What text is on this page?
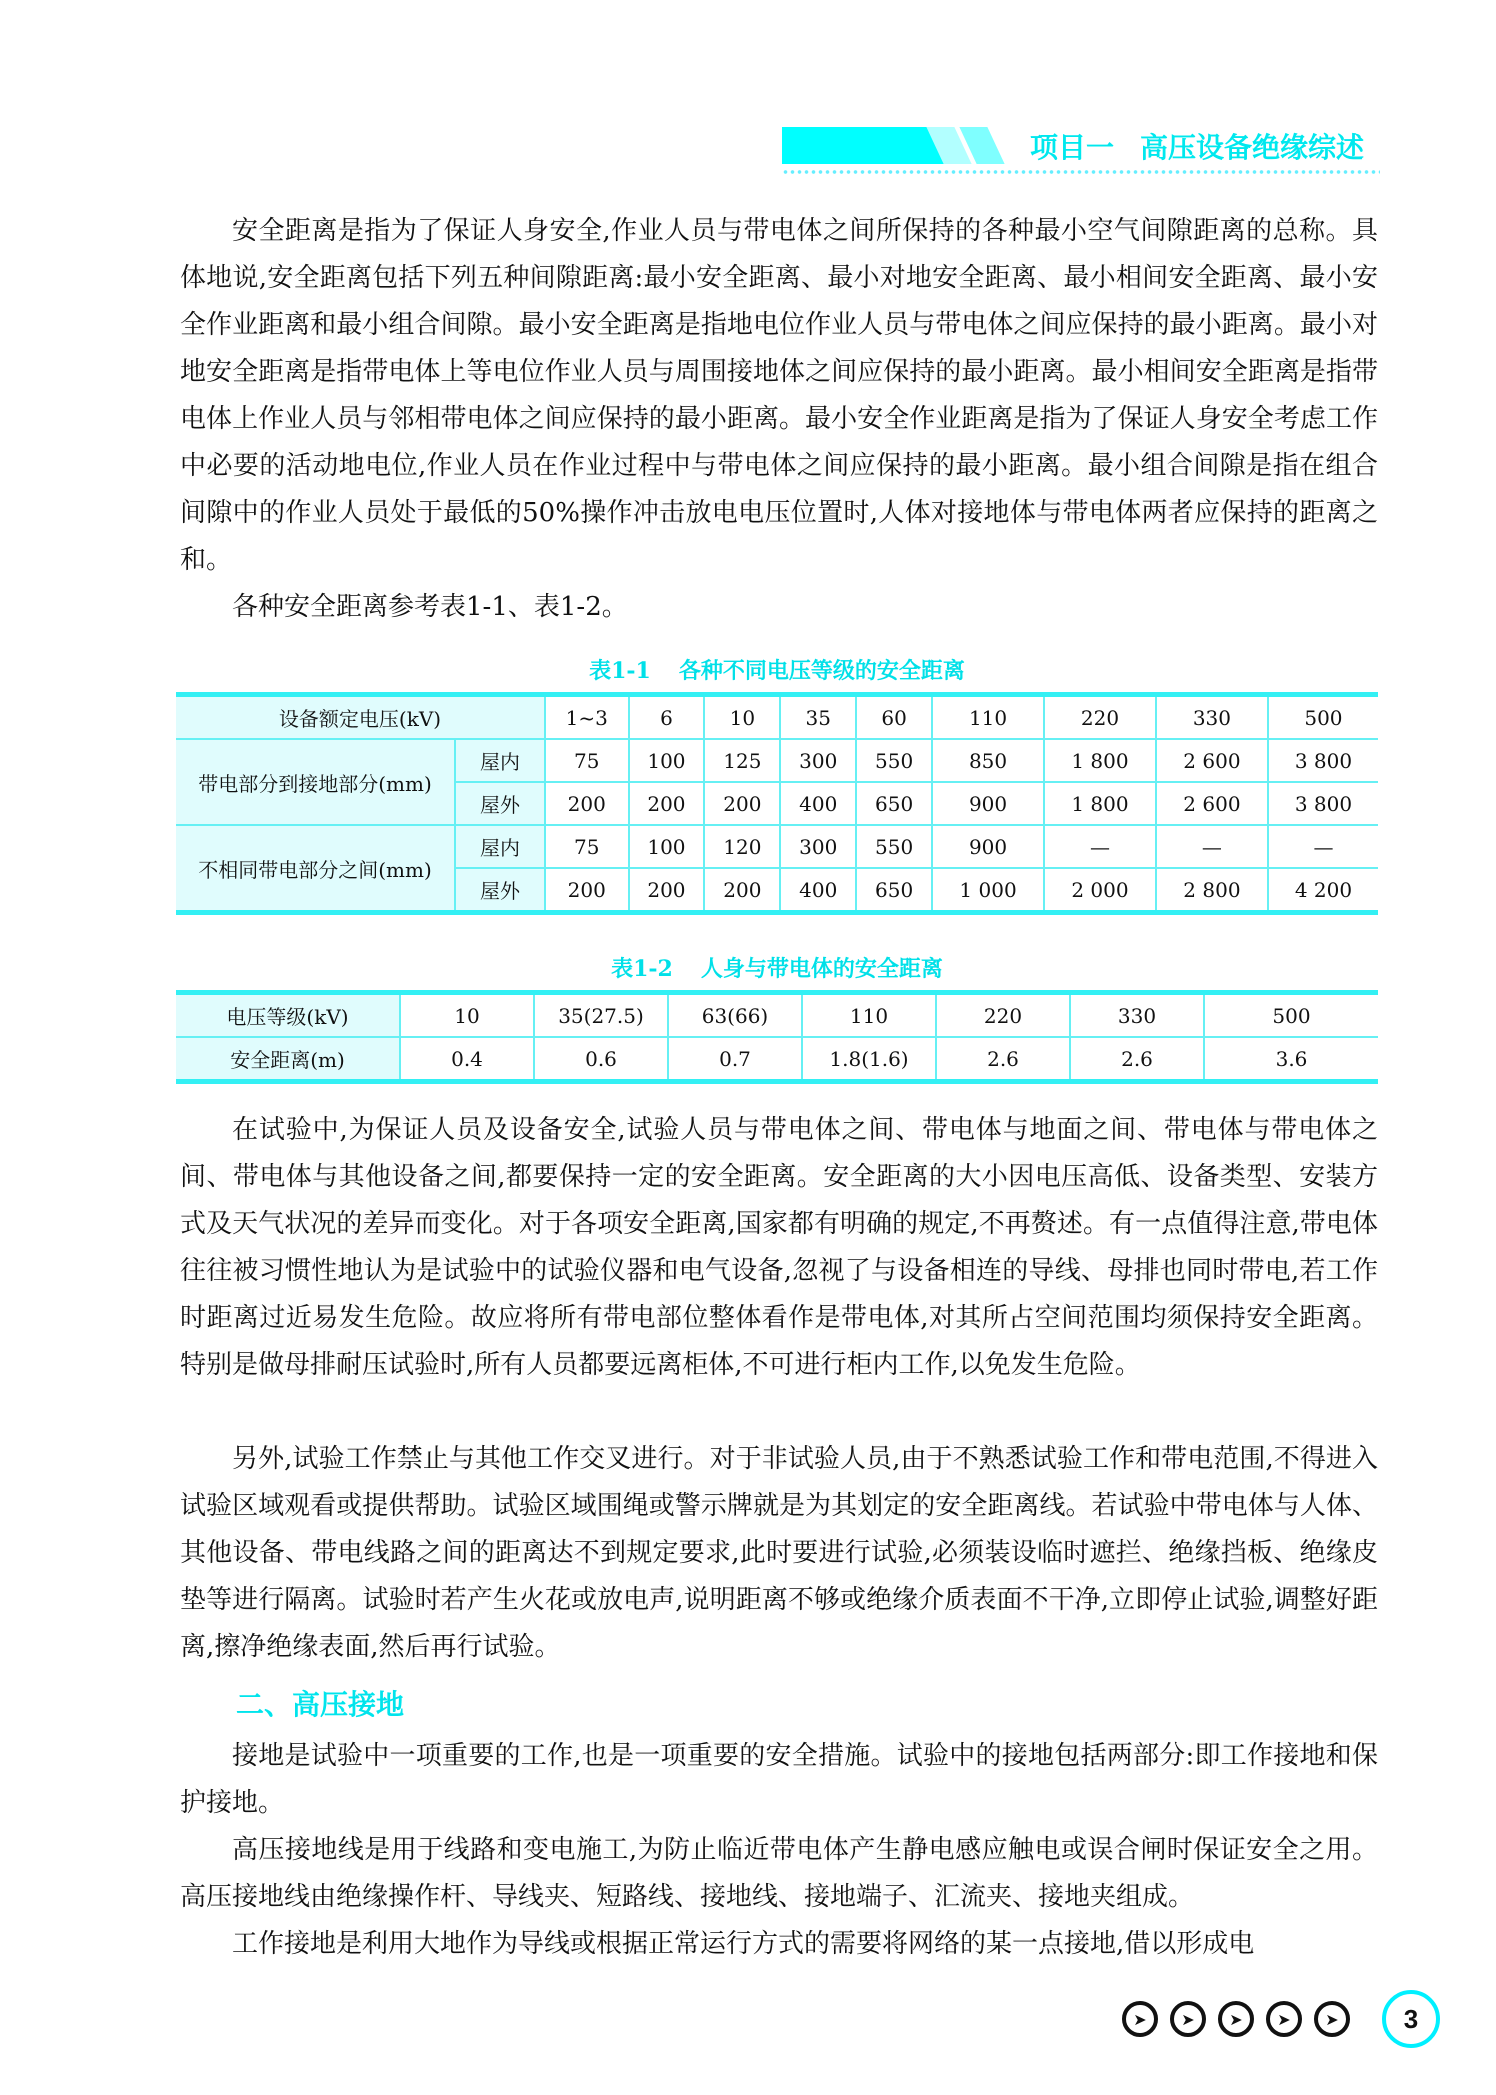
项目一 高压设备绝缘综述

安全距离是指为了保证人身安全,作业人员与带电体之间所保持的各种最小空气间隙距离的总称。具体地说,安全距离包括下列五种间隙距离:最小安全距离、最小对地安全距离、最小相间安全距离、最小安全作业距离和最小组合间隙。最小安全距离是指地电位作业人员与带电体之间应保持的最小距离。最小对地安全距离是指带电体上等电位作业人员与周围接地体之间应保持的最小距离。最小相间安全距离是指带电体上作业人员与邻相带电体之间应保持的最小距离。最小安全作业距离是指为了保证人身安全考虑工作中必要的活动地电位,作业人员在作业过程中与带电体之间应保持的最小距离。最小组合间隙是指在组合间隙中的作业人员处于最低的50%操作冲击放电电压位置时,人体对接地体与带电体两者应保持的距离之和。

各种安全距离参考表1-1、表1-2。

表1-1 各种不同电压等级的安全距离
设备额定电压(kV)		1~3	6	10	35	60	110	220	330	500
带电部分到接地部分(mm)	屋内	75	100	125	300	550	850	1 800	2 600	3 800
	屋外	200	200	200	400	650	900	1 800	2 600	3 800
不相同带电部分之间(mm)	屋内	75	100	120	300	550	900	—	—	—
	屋外	200	200	200	400	650	1 000	2 000	2 800	4 200
表1-2 人身与带电体的安全距离
电压等级(kV)	10	35(27.5)	63(66)	110	220	330	500
安全距离(m)	0.4	0.6	0.7	1.8(1.6)	2.6	2.6	3.6

在试验中,为保证人员及设备安全,试验人员与带电体之间、带电体与地面之间、带电体与带电体之间、带电体与其他设备之间,都要保持一定的安全距离。安全距离的大小因电压高低、设备类型、安装方式及天气状况的差异而变化。对于各项安全距离,国家都有明确的规定,不再赘述。有一点值得注意,带电体往往被习惯性地认为是试验中的试验仪器和电气设备,忽视了与设备相连的导线、母排也同时带电,若工作时距离过近易发生危险。故应将所有带电部位整体看作是带电体,对其所占空间范围均须保持安全距离。特别是做母排耐压试验时,所有人员都要远离柜体,不可进行柜内工作,以免发生危险。

另外,试验工作禁止与其他工作交叉进行。对于非试验人员,由于不熟悉试验工作和带电范围,不得进入试验区域观看或提供帮助。试验区域围绳或警示牌就是为其划定的安全距离线。若试验中带电体与人体、其他设备、带电线路之间的距离达不到规定要求,此时要进行试验,必须装设临时遮拦、绝缘挡板、绝缘皮垫等进行隔离。试验时若产生火花或放电声,说明距离不够或绝缘介质表面不干净,立即停止试验,调整好距离,擦净绝缘表面,然后再行试验。

二、高压接地

接地是试验中一项重要的工作,也是一项重要的安全措施。试验中的接地包括两部分:即工作接地和保护接地。

高压接地线是用于线路和变电施工,为防止临近带电体产生静电感应触电或误合闸时保证安全之用。高压接地线由绝缘操作杆、导线夹、短路线、接地线、接地端子、汇流夹、接地夹组成。

工作接地是利用大地作为导线或根据正常运行方式的需要将网络的某一点接地,借以形成电

➤	➤	➤	➤	➤	3
